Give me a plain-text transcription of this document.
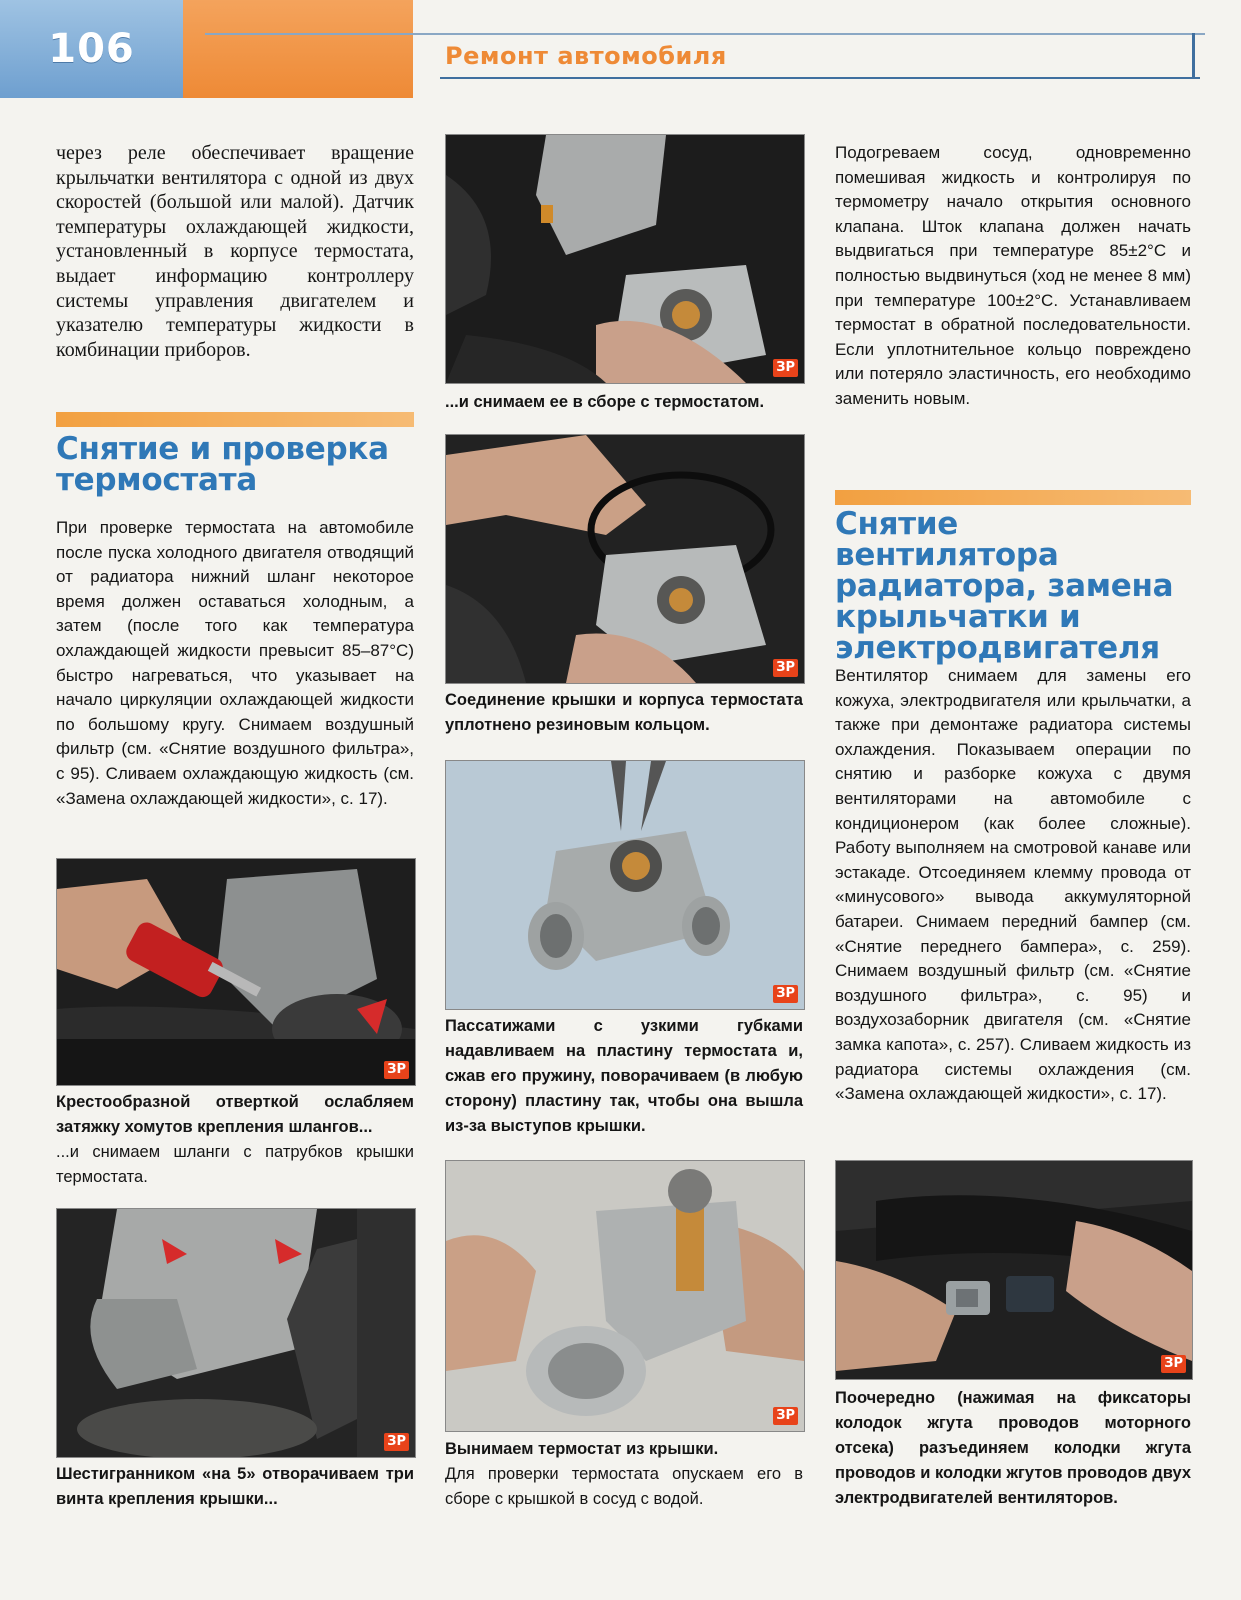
106	Ремонт автомобиля

через реле обеспечивает вращение крыльчатки вентилятора с одной из двух скоростей (большой или малой). Датчик температуры охлаждающей жидкости, установленный в корпусе термостата, выдает информацию контроллеру системы управления двигателем и указателю температуры жидкости в комбинации приборов.

Снятие и проверка
термостата

При проверке термостата на автомобиле после пуска холодного двигателя отводящий от радиатора нижний шланг некоторое время должен оставаться холодным, а затем (после того как температура охлаждающей жидкости превысит 85–87°С) быстро нагреваться, что указывает на начало циркуляции охлаждающей жидкости по большому кругу. Снимаем воздушный фильтр (см. «Снятие воздушного фильтра», с 95). Сливаем охлаждающую жидкость (см. «Замена охлаждающей жидкости», с. 17).

ЗР
Крестообразной отверткой ослабляем затяжку хомутов крепления шлангов...
...и снимаем шланги с патрубков крышки термостата.
ЗР
Шестигранником «на 5» отворачиваем три винта крепления крышки...
ЗР
...и снимаем ее в сборе с термостатом.
ЗР
Соединение крышки и корпуса термостата уплотнено резиновым кольцом.
ЗР
Пассатижами с узкими губками надавливаем на пластину термостата и, сжав его пружину, поворачиваем (в любую сторону) пластину так, чтобы она вышла из-за выступов крышки.
ЗР
Вынимаем термостат из крышки.
Для проверки термостата опускаем его в сборе с крышкой в сосуд с водой.

Подогреваем сосуд, одновременно помешивая жидкость и контролируя по термометру начало открытия основного клапана. Шток клапана должен начать выдвигаться при температуре 85±2°С и полностью выдвинуться (ход не менее 8 мм) при температуре 100±2°С. Устанавливаем термостат в обратной последовательности. Если уплотнительное кольцо повреждено или потеряло эластичность, его необходимо заменить новым.

Снятие вентилятора
радиатора, замена
крыльчатки и
электродвигателя

Вентилятор снимаем для замены его кожуха, электродвигателя или крыльчатки, а также при демонтаже радиатора системы охлаждения. Показываем операции по снятию и разборке кожуха с двумя вентиляторами на автомобиле с кондиционером (как более сложные). Работу выполняем на смотровой канаве или эстакаде. Отсоединяем клемму провода от «минусового» вывода аккумуляторной батареи. Снимаем передний бампер (см. «Снятие переднего бампера», с. 259). Снимаем воздушный фильтр (см. «Снятие воздушного фильтра», с. 95) и воздухозаборник двигателя (см. «Снятие замка капота», с. 257). Сливаем жидкость из радиатора системы охлаждения (см. «Замена охлаждающей жидкости», с. 17).

ЗР
Поочередно (нажимая на фиксаторы колодок жгута проводов моторного отсека) разъединяем колодки жгута проводов и колодки жгутов проводов двух электродвигателей вентиляторов.
